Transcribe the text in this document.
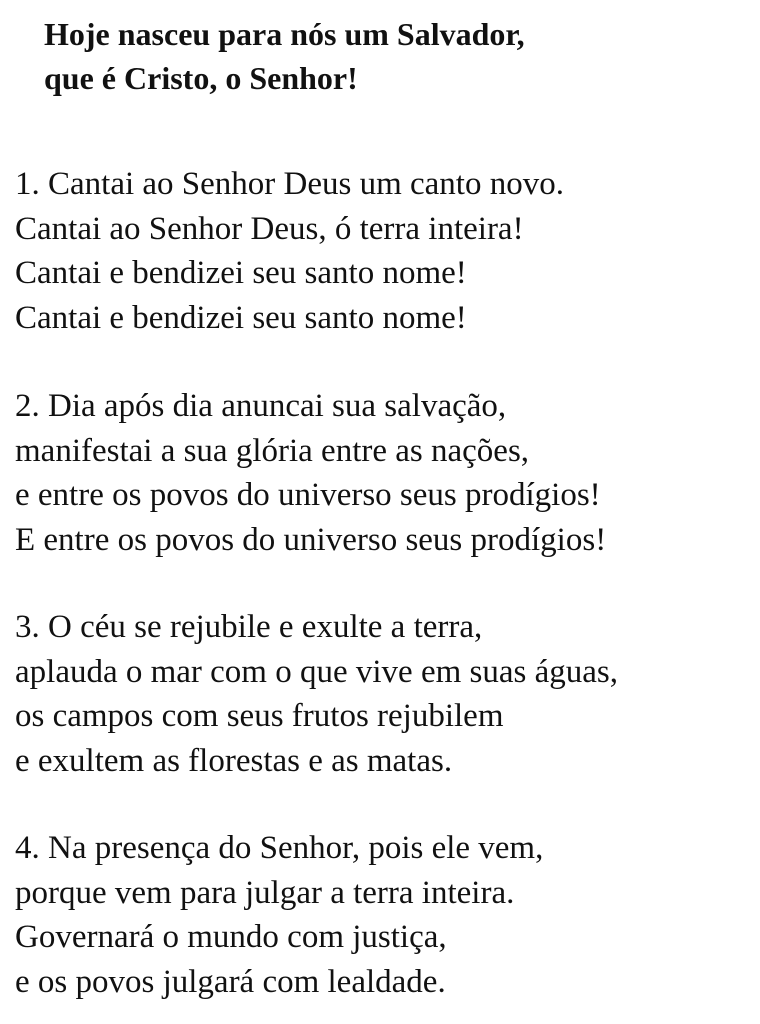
Hoje nasceu para nós um Salvador,
que é Cristo, o Senhor!
1. Cantai ao Senhor Deus um canto novo.
Cantai ao Senhor Deus, ó terra inteira!
Cantai e bendizei seu santo nome!
Cantai e bendizei seu santo nome!
2. Dia após dia anuncai sua salvação,
manifestai a sua glória entre as nações,
e entre os povos do universo seus prodígios!
E entre os povos do universo seus prodígios!
3. O céu se rejubile e exulte a terra,
aplauda o mar com o que vive em suas águas,
os campos com seus frutos rejubilem
e exultem as florestas e as matas.
4. Na presença do Senhor, pois ele vem,
porque vem para julgar a terra inteira.
Governará o mundo com justiça,
e os povos julgará com lealdade.
